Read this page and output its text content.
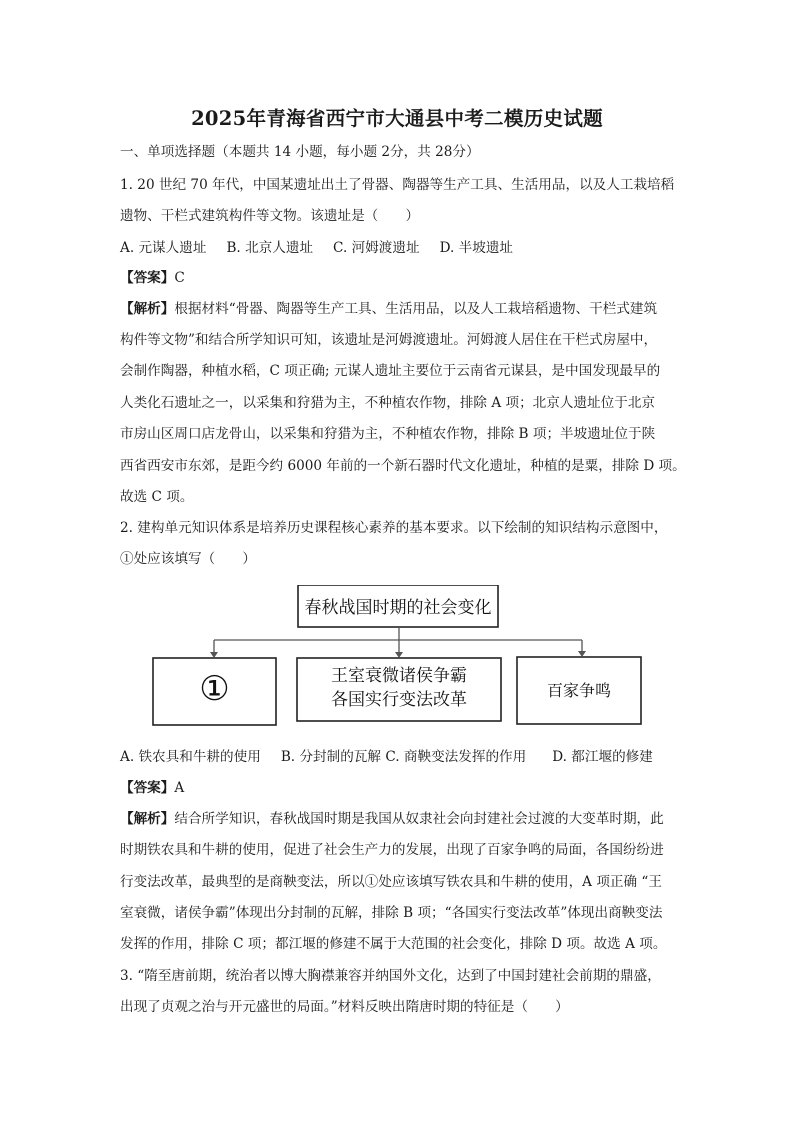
2025年青海省西宁市大通县中考二模历史试题
一、单项选择题（本题共 14 小题，每小题 2分，共 28分）
1. 20 世纪 70 年代，中国某遗址出土了骨器、陶器等生产工具、生活用品，以及人工栽培稻
遗物、干栏式建筑构件等文物。该遗址是（　　）
A. 元谋人遗址 B. 北京人遗址 C. 河姆渡遗址 D. 半坡遗址
【答案】C
【解析】根据材料“骨器、陶器等生产工具、生活用品，以及人工栽培稻遗物、干栏式建筑
构件等文物”和结合所学知识可知，该遗址是河姆渡遗址。河姆渡人居住在干栏式房屋中，
会制作陶器，种植水稻，C 项正确; 元谋人遗址主要位于云南省元谋县，是中国发现最早的
人类化石遗址之一，以采集和狩猎为主，不种植农作物，排除 A 项；北京人遗址位于北京
市房山区周口店龙骨山，以采集和狩猎为主，不种植农作物，排除 B 项；半坡遗址位于陕
西省西安市东郊，是距今约 6000 年前的一个新石器时代文化遗址，种植的是粟，排除 D 项。
故选 C 项。
2. 建构单元知识体系是培养历史课程核心素养的基本要求。以下绘制的知识结构示意图中，
①处应该填写（　　）
春秋战国时期的社会变化
①	王室衰微诸侯争霸
各国实行变法改革	百家争鸣
A. 铁农具和牛耕的使用 B. 分封制的瓦解 C. 商鞅变法发挥的作用 D. 都江堰的修建
【答案】A
【解析】结合所学知识，春秋战国时期是我国从奴隶社会向封建社会过渡的大变革时期，此
时期铁农具和牛耕的使用，促进了社会生产力的发展，出现了百家争鸣的局面，各国纷纷进
行变法改革，最典型的是商鞅变法，所以①处应该填写铁农具和牛耕的使用，A 项正确 “王
室衰微，诸侯争霸”体现出分封制的瓦解，排除 B 项；“各国实行变法改革”体现出商鞅变法
发挥的作用，排除 C 项；都江堰的修建不属于大范围的社会变化，排除 D 项。故选 A 项。
3. “隋至唐前期，统治者以博大胸襟兼容并纳国外文化，达到了中国封建社会前期的鼎盛，
出现了贞观之治与开元盛世的局面。”材料反映出隋唐时期的特征是（　　）
